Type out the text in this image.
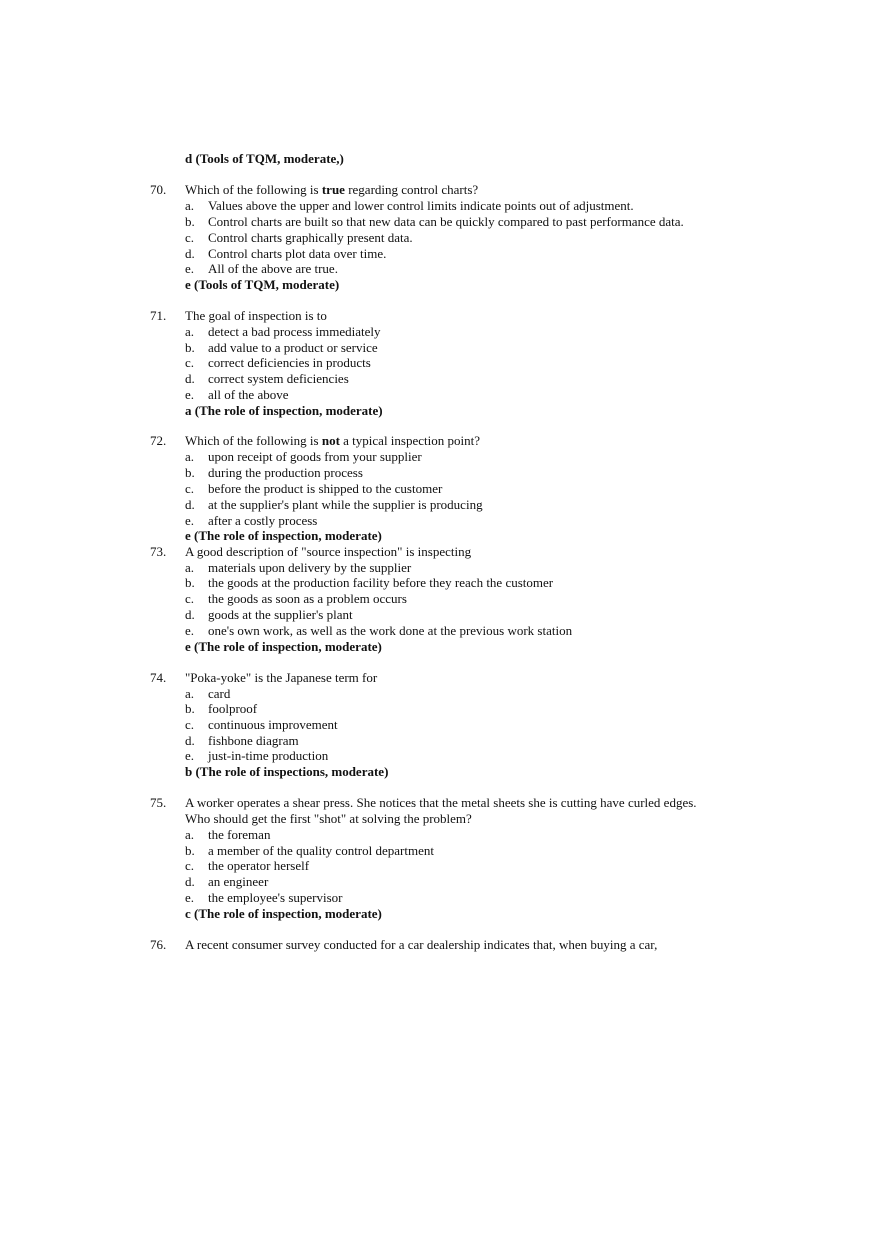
d (Tools of TQM, moderate,)
70. Which of the following is true regarding control charts?
a. Values above the upper and lower control limits indicate points out of adjustment.
b. Control charts are built so that new data can be quickly compared to past performance data.
c. Control charts graphically present data.
d. Control charts plot data over time.
e. All of the above are true.
e (Tools of TQM, moderate)
71. The goal of inspection is to
a. detect a bad process immediately
b. add value to a product or service
c. correct deficiencies in products
d. correct system deficiencies
e. all of the above
a (The role of inspection, moderate)
72. Which of the following is not a typical inspection point?
a. upon receipt of goods from your supplier
b. during the production process
c. before the product is shipped to the customer
d. at the supplier's plant while the supplier is producing
e. after a costly process
e (The role of inspection, moderate)
73. A good description of "source inspection" is inspecting
a. materials upon delivery by the supplier
b. the goods at the production facility before they reach the customer
c. the goods as soon as a problem occurs
d. goods at the supplier's plant
e. one's own work, as well as the work done at the previous work station
e (The role of inspection, moderate)
74. "Poka-yoke" is the Japanese term for
a. card
b. foolproof
c. continuous improvement
d. fishbone diagram
e. just-in-time production
b (The role of inspections, moderate)
75. A worker operates a shear press. She notices that the metal sheets she is cutting have curled edges.
Who should get the first "shot" at solving the problem?
a. the foreman
b. a member of the quality control department
c. the operator herself
d. an engineer
e. the employee's supervisor
c (The role of inspection, moderate)
76. A recent consumer survey conducted for a car dealership indicates that, when buying a car,
